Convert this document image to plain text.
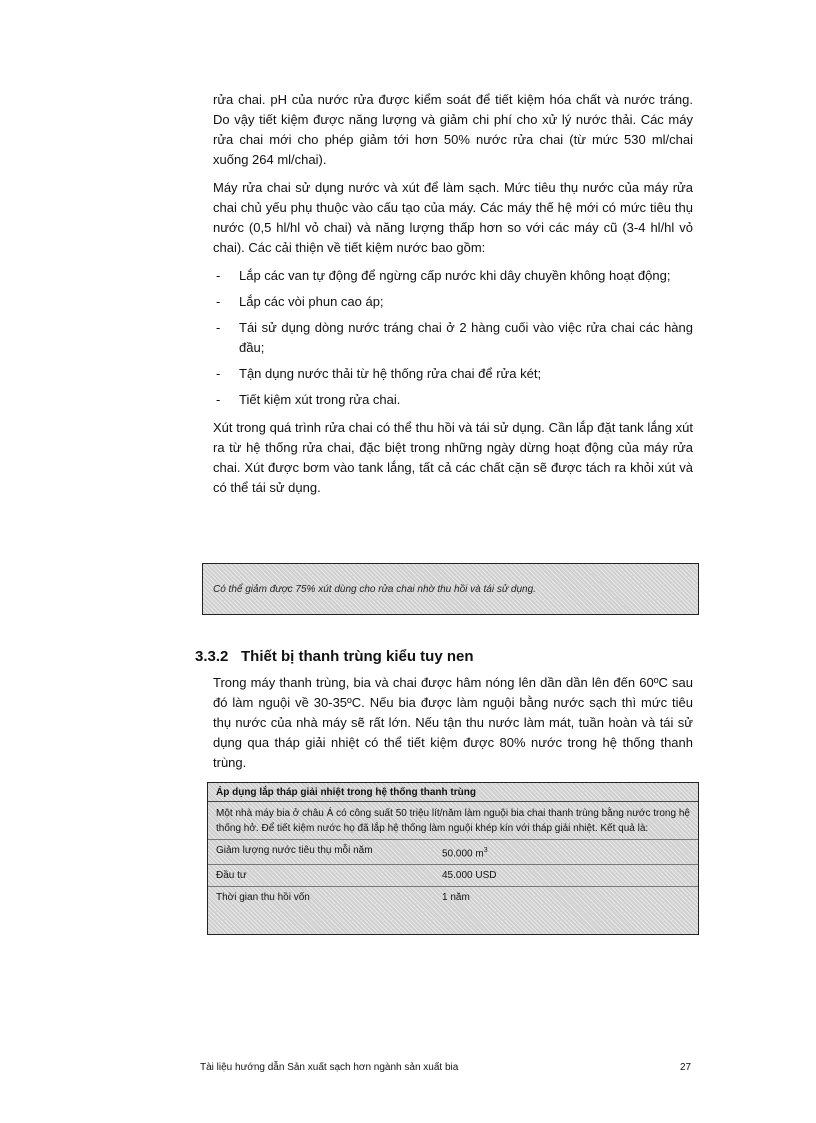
rửa chai. pH của nước rửa được kiểm soát để tiết kiệm hóa chất và nước tráng. Do vậy tiết kiệm được năng lượng và giảm chi phí cho xử lý nước thải. Các máy rửa chai mới cho phép giảm tới hơn 50% nước rửa chai (từ mức 530 ml/chai xuống 264 ml/chai).

Máy rửa chai sử dụng nước và xút để làm sạch. Mức tiêu thụ nước của máy rửa chai chủ yếu phụ thuộc vào cấu tạo của máy. Các máy thế hệ mới có mức tiêu thụ nước (0,5 hl/hl vỏ chai) và năng lượng thấp hơn so với các máy cũ (3-4 hl/hl vỏ chai). Các cải thiện về tiết kiệm nước bao gồm:

- Lắp các van tự động để ngừng cấp nước khi dây chuyền không hoạt động;
- Lắp các vòi phun cao áp;
- Tái sử dụng dòng nước tráng chai ở 2 hàng cuối vào việc rửa chai các hàng đầu;
- Tận dụng nước thải từ hệ thống rửa chai để rửa két;
- Tiết kiệm xút trong rửa chai.

Xút trong quá trình rửa chai có thể thu hồi và tái sử dụng. Cần lắp đặt tank lắng xút ra từ hệ thống rửa chai, đặc biệt trong những ngày dừng hoạt động của máy rửa chai. Xút được bơm vào tank lắng, tất cả các chất cặn sẽ được tách ra khỏi xút và có thể tái sử dụng.

Có thể giảm được 75% xút dùng cho rửa chai nhờ thu hồi và tái sử dụng.
3.3.2 Thiết bị thanh trùng kiểu tuy nen

Trong máy thanh trùng, bia và chai được hâm nóng lên dần dần lên đến 60ºC sau đó làm nguội về 30-35ºC. Nếu bia được làm nguội bằng nước sạch thì mức tiêu thụ nước của nhà máy sẽ rất lớn. Nếu tận thu nước làm mát, tuần hoàn và tái sử dụng qua tháp giải nhiệt có thể tiết kiệm được 80% nước trong hệ thống thanh trùng.

Áp dụng lắp tháp giải nhiệt trong hệ thống thanh trùng
Một nhà máy bia ở châu Á có công suất 50 triệu lít/năm làm nguội bia chai thanh trùng bằng nước trong hệ thống hở. Để tiết kiệm nước họ đã lắp hệ thống làm nguội khép kín với tháp giải nhiệt. Kết quả là:
Giảm lượng nước tiêu thụ mỗi năm	50.000 $m^3$
Đầu tư	45.000 USD
Thời gian thu hồi vốn	1 năm
Tài liệu hướng dẫn Sản xuất sạch hơn ngành sản xuất bia	27
